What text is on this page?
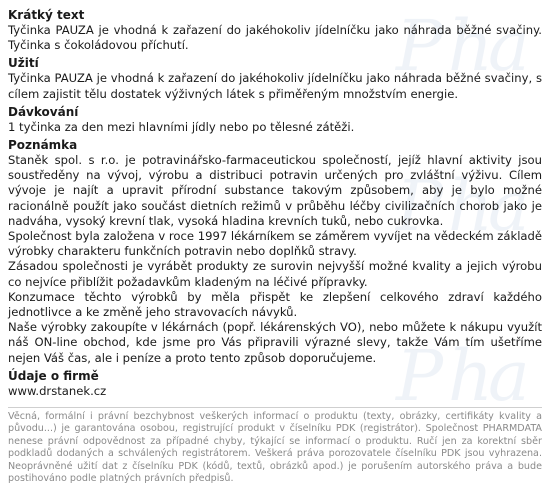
P h
a
P h
a
P h
a
Krátký text

Tyčinka PAUZA je vhodná k zařazení do jakéhokoliv jídelníčku jako náhrada běžné svačiny. Tyčinka s čokoládovou příchutí.

Užití

Tyčinka PAUZA je vhodná k zařazení do jakéhokoliv jídelníčku jako náhrada běžné svačiny, s cílem zajistit tělu dostatek výživných látek s přiměřeným množstvím energie.

Dávkování

1 tyčinka za den mezi hlavními jídly nebo po tělesné zátěži.

Poznámka

Staněk spol. s r.o. je potravinářsko-farmaceutickou společností, jejíž hlavní aktivity jsou soustředěny na vývoj, výrobu a distribuci potravin určených pro zvláštní výživu. Cílem vývoje je najít a upravit přírodní substance takovým způsobem, aby je bylo možné racionálně použít jako součást dietních režimů v průběhu léčby civilizačních chorob jako je nadváha, vysoký krevní tlak, vysoká hladina krevních tuků, nebo cukrovka.

Společnost byla založena v roce 1997 lékárníkem se záměrem vyvíjet na vědeckém základě výrobky charakteru funkčních potravin nebo doplňků stravy.

Zásadou společnosti je vyrábět produkty ze surovin nejvyšší možné kvality a jejich výrobu co nejvíce přiblížit požadavkům kladeným na léčivé přípravky.

Konzumace těchto výrobků by měla přispět ke zlepšení celkového zdraví každého jednotlivce a ke změně jeho stravovacích návyků.

Naše výrobky zakoupíte v lékárnách (popř. lékárenských VO), nebo můžete k nákupu využít náš ON-line obchod, kde jsme pro Vás připravili výrazné slevy, takže Vám tím ušetříme nejen Váš čas, ale i peníze a proto tento způsob doporučujeme.

Údaje o firmě

www.drstanek.cz

Věcná, formální i právní bezchybnost veškerých informací o produktu (texty, obrázky, certifikáty kvality a původu...) je garantována osobou, registrující produkt v číselníku PDK (registrátor). Společnost PHARMDATA nenese právní odpovědnost za případné chyby, týkající se informací o produktu. Ručí jen za korektní sběr podkladů dodaných a schválených registrátorem. Veškerá práva porozovatele číselníku PDK jsou vyhrazena. Neoprávněné užití dat z číselníku PDK (kódů, textů, obrázků apod.) je porušením autorského práva a bude postihováno podle platných právních předpisů.
